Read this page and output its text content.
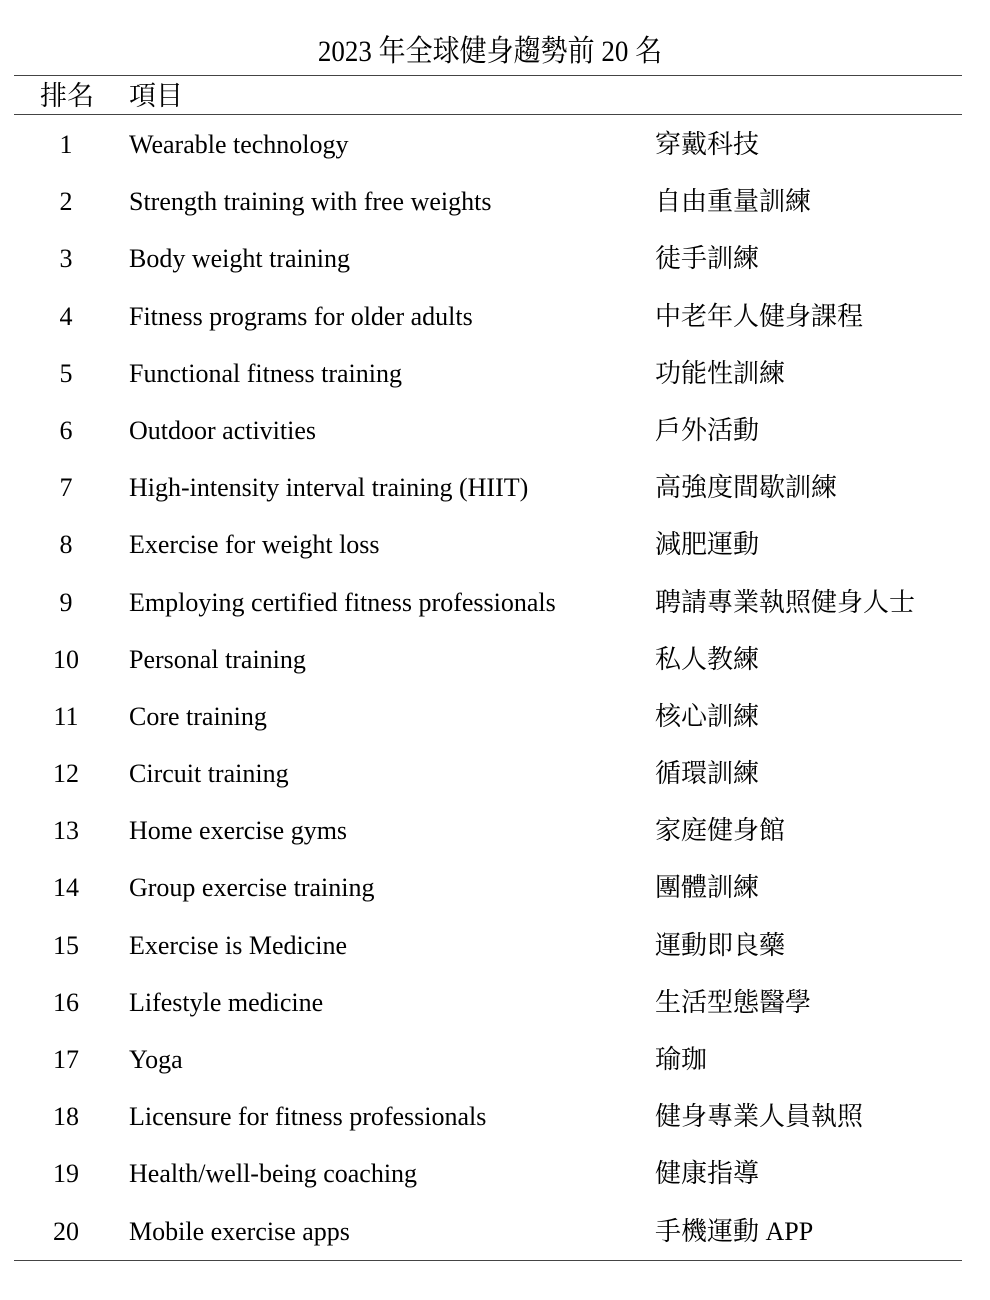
2023 年全球健身趨勢前 20 名
排名 項目
1	Wearable technology	穿戴科技
2	Strength training with free weights	自由重量訓練
3	Body weight training	徒手訓練
4	Fitness programs for older adults	中老年人健身課程
5	Functional fitness training	功能性訓練
6	Outdoor activities	戶外活動
7	High-intensity interval training (HIIT)	高強度間歇訓練
8	Exercise for weight loss	減肥運動
9	Employing certified fitness professionals	聘請專業執照健身人士
10	Personal training	私人教練
11	Core training	核心訓練
12	Circuit training	循環訓練
13	Home exercise gyms	家庭健身館
14	Group exercise training	團體訓練
15	Exercise is Medicine	運動即良藥
16	Lifestyle medicine	生活型態醫學
17	Yoga	瑜珈
18	Licensure for fitness professionals	健身專業人員執照
19	Health/well-being coaching	健康指導
20	Mobile exercise apps	手機運動 APP
